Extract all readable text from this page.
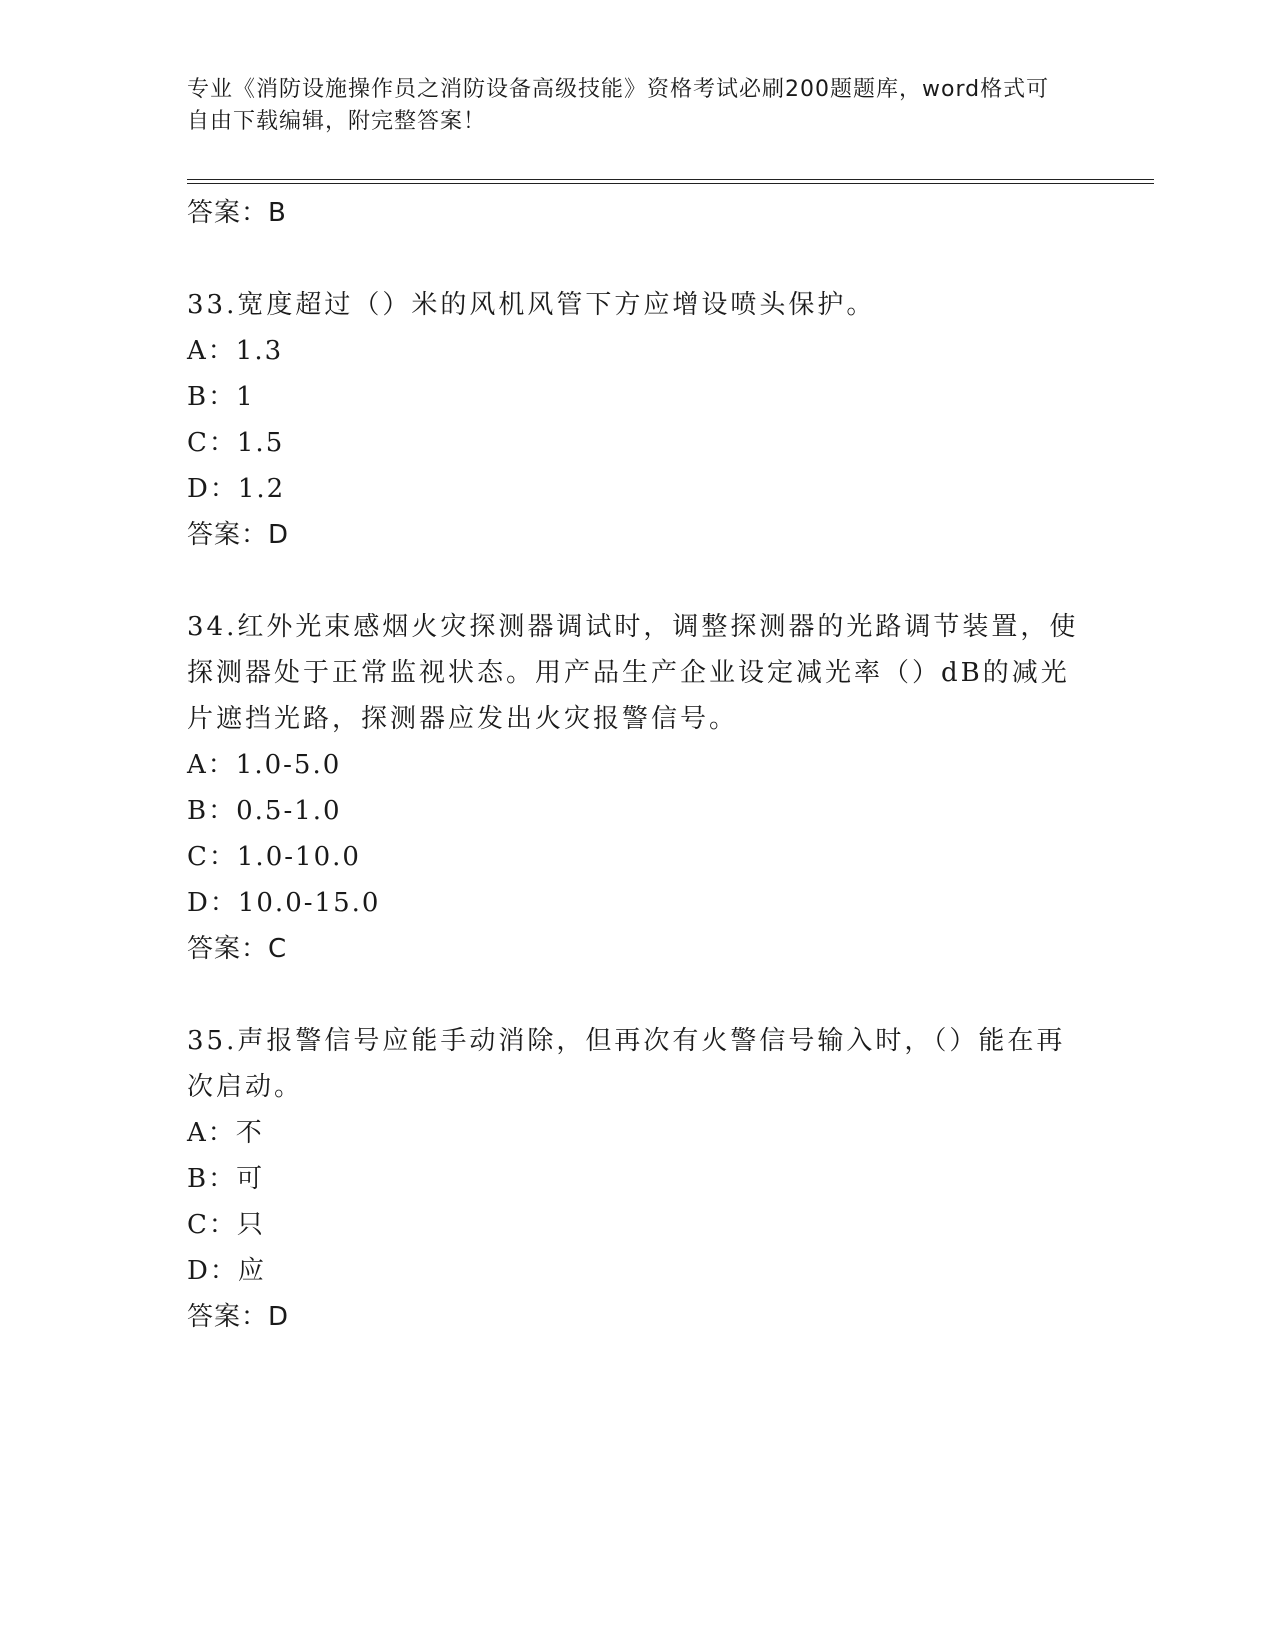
专业《消防设施操作员之消防设备高级技能》资格考试必刷200题题库，word格式可自由下载编辑，附完整答案！
答案：B

33.宽度超过（）米的风机风管下方应增设喷头保护。

A：1.3
B：1
C：1.5
D：1.2
答案：D

34.红外光束感烟火灾探测器调试时，调整探测器的光路调节装置，使探测器处于正常监视状态。用产品生产企业设定减光率（）dB的减光片遮挡光路，探测器应发出火灾报警信号。

A：1.0-5.0
B：0.5-1.0
C：1.0-10.0
D：10.0-15.0
答案：C

35.声报警信号应能手动消除，但再次有火警信号输入时，（）能在再次启动。

A：不
B：可
C：只
D：应
答案：D
